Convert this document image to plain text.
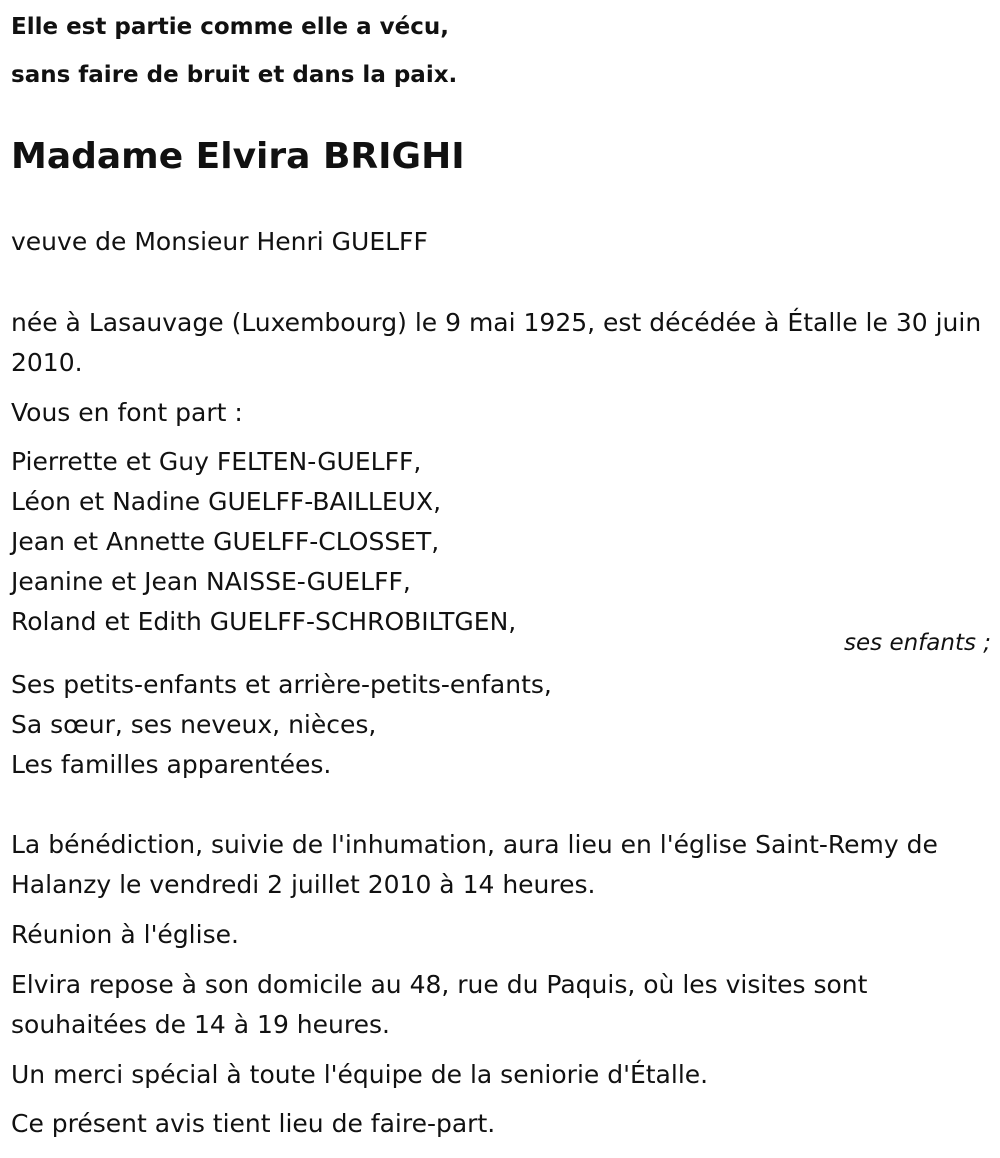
Elle est partie comme elle a vécu,
sans faire de bruit et dans la paix.

Madame Elvira BRIGHI

veuve de Monsieur Henri GUELFF

née à Lasauvage (Luxembourg) le 9 mai 1925, est décédée à Étalle le 30 juin 2010.

Vous en font part :

Pierrette et Guy FELTEN-GUELFF,
Léon et Nadine GUELFF-BAILLEUX,
Jean et Annette GUELFF-CLOSSET,
Jeanine et Jean NAISSE-GUELFF,
Roland et Edith GUELFF-SCHROBILTGEN,
ses enfants ;
Ses petits-enfants et arrière-petits-enfants,
Sa sœur, ses neveux, nièces,
Les familles apparentées.

La bénédiction, suivie de l'inhumation, aura lieu en l'église Saint-Remy de Halanzy le vendredi 2 juillet 2010 à 14 heures.

Réunion à l'église.

Elvira repose à son domicile au 48, rue du Paquis, où les visites sont souhaitées de 14 à 19 heures.

Un merci spécial à toute l'équipe de la seniorie d'Étalle.

Ce présent avis tient lieu de faire-part.
